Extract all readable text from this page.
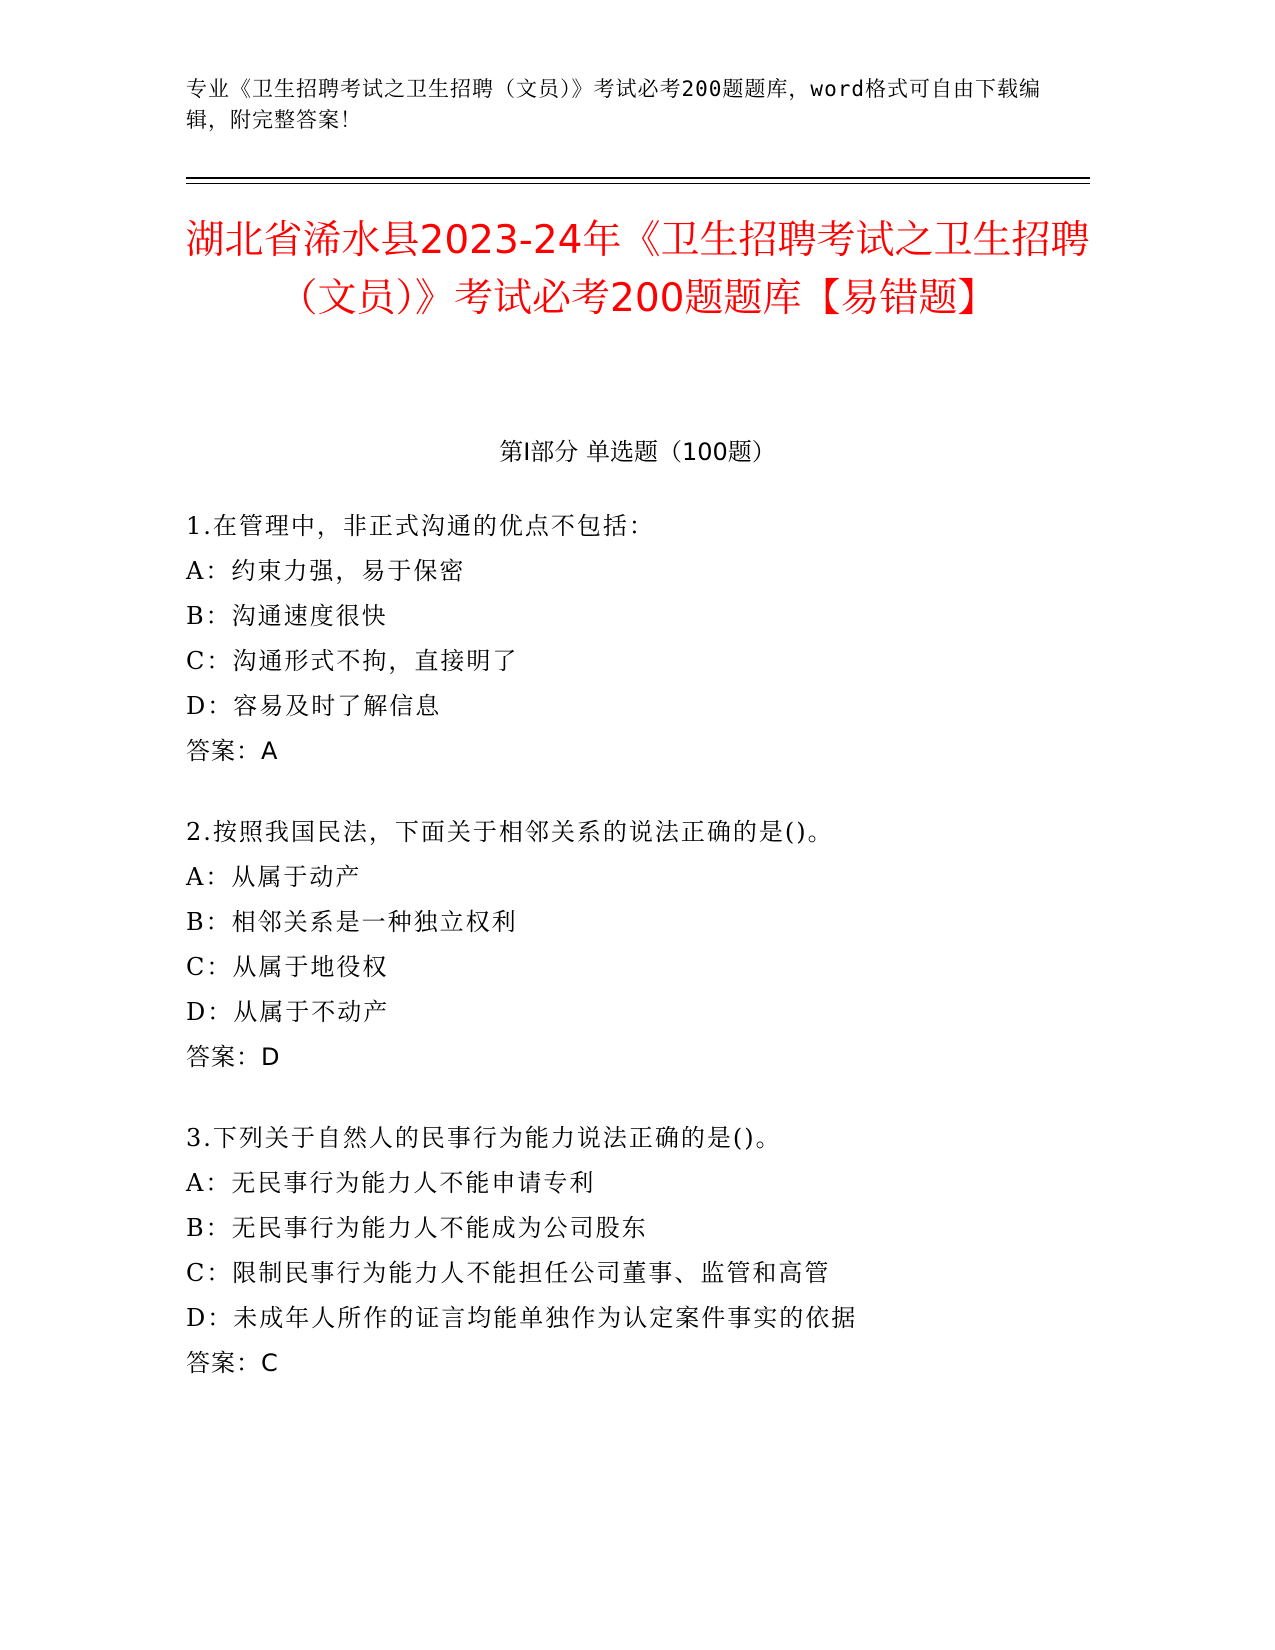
专业《卫生招聘考试之卫生招聘（文员）》考试必考200题题库，word格式可自由下载编辑，附完整答案！
湖北省浠水县2023-24年《卫生招聘考试之卫生招聘（文员）》考试必考200题题库【易错题】
第Ⅰ部分 单选题（100题）
1.在管理中，非正式沟通的优点不包括：
A：约束力强，易于保密
B：沟通速度很快
C：沟通形式不拘，直接明了
D：容易及时了解信息
答案：A
2.按照我国民法，下面关于相邻关系的说法正确的是()。
A：从属于动产
B：相邻关系是一种独立权利
C：从属于地役权
D：从属于不动产
答案：D
3.下列关于自然人的民事行为能力说法正确的是()。
A：无民事行为能力人不能申请专利
B：无民事行为能力人不能成为公司股东
C：限制民事行为能力人不能担任公司董事、监管和高管
D：未成年人所作的证言均能单独作为认定案件事实的依据
答案：C
